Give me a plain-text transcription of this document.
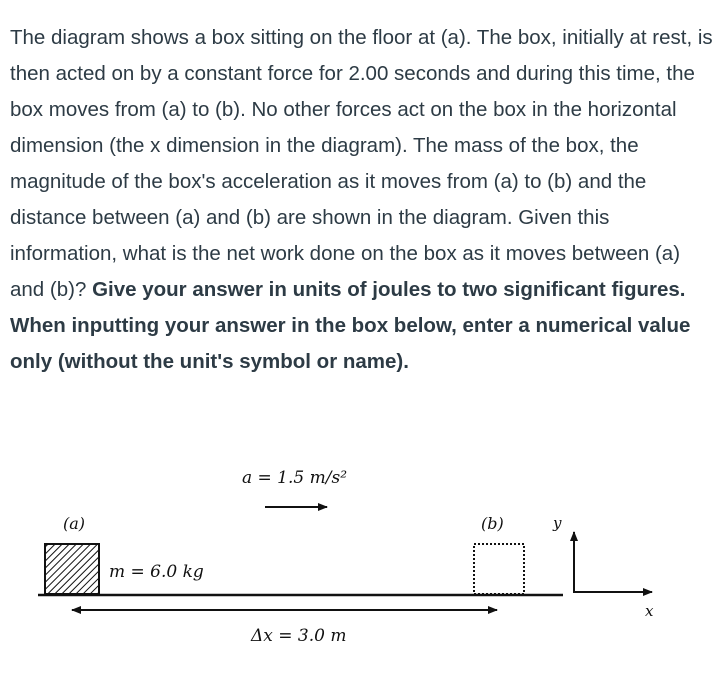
The diagram shows a box sitting on the floor at (a). The box, initially at rest, is then acted on by a constant force for 2.00 seconds and during this time, the box moves from (a) to (b). No other forces act on the box in the horizontal dimension (the x dimension in the diagram). The mass of the box, the magnitude of the box's acceleration as it moves from (a) to (b) and the distance between (a) and (b) are shown in the diagram. Given this information, what is the net work done on the box as it moves between (a) and (b)? Give your answer in units of joules to two significant figures. When inputting your answer in the box below, enter a numerical value only (without the unit's symbol or name).

a = 1.5 m/s²
(a)	(b)
m = 6.0 kg
Δx = 3.0 m
y
x
